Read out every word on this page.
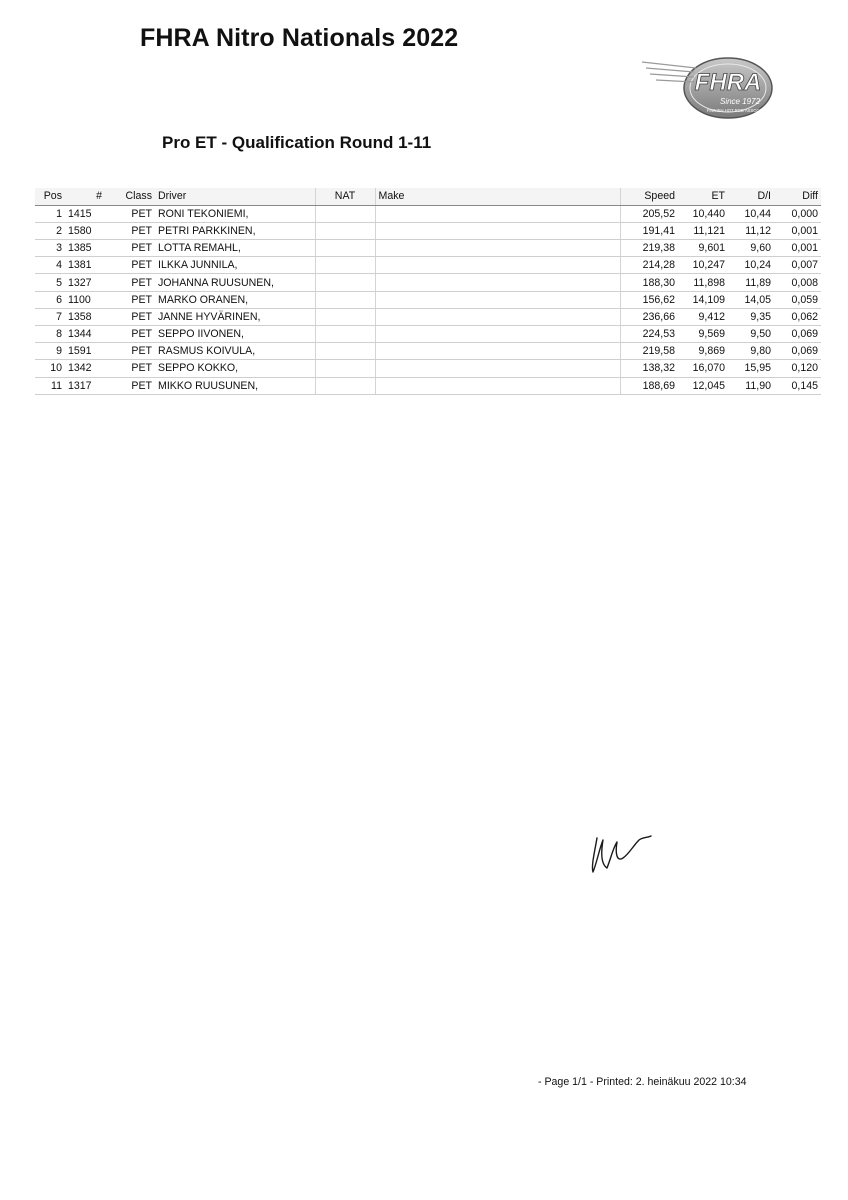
FHRA Nitro Nationals 2022
FHRA
Since 1972
FINNISH HOT ROD ASSOCIATION
Pro ET - Qualification Round 1-11
Pos	#	Class	Driver	NAT	Make	Speed	ET	D/I	Diff
1	1415	PET	RONI TEKONIEMI,			205,52	10,440	10,44	0,000
2	1580	PET	PETRI PARKKINEN,			191,41	11,121	11,12	0,001
3	1385	PET	LOTTA REMAHL,			219,38	9,601	9,60	0,001
4	1381	PET	ILKKA JUNNILA,			214,28	10,247	10,24	0,007
5	1327	PET	JOHANNA RUUSUNEN,			188,30	11,898	11,89	0,008
6	1100	PET	MARKO ORANEN,			156,62	14,109	14,05	0,059
7	1358	PET	JANNE HYVÄRINEN,			236,66	9,412	9,35	0,062
8	1344	PET	SEPPO IIVONEN,			224,53	9,569	9,50	0,069
9	1591	PET	RASMUS KOIVULA,			219,58	9,869	9,80	0,069
10	1342	PET	SEPPO KOKKO,			138,32	16,070	15,95	0,120
11	1317	PET	MIKKO RUUSUNEN,			188,69	12,045	11,90	0,145
- Page 1/1 - Printed: 2. heinäkuu 2022 10:34
